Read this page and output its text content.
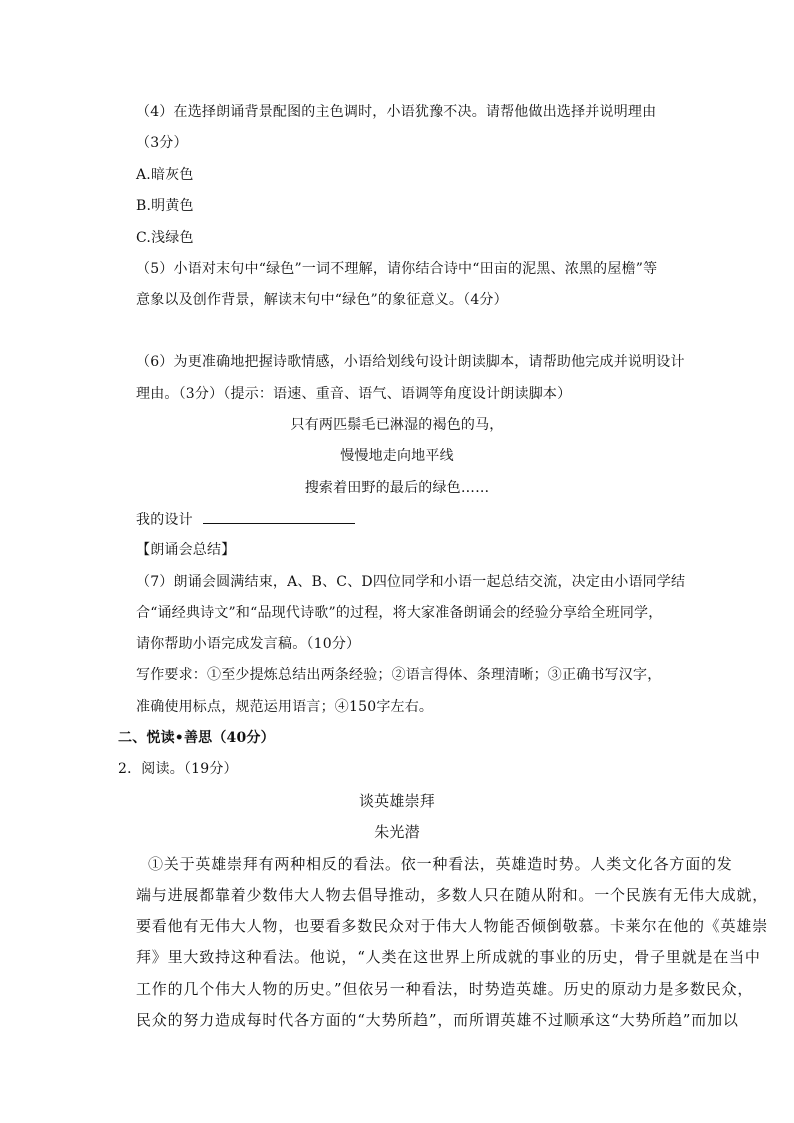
（4）在选择朗诵背景配图的主色调时，小语犹豫不决。请帮他做出选择并说明理由
（3分）
A.暗灰色
B.明黄色
C.浅绿色
（5）小语对末句中“绿色”一词不理解，请你结合诗中“田亩的泥黑、浓黑的屋檐”等
意象以及创作背景，解读末句中“绿色”的象征意义。（4分）
（6）为更准确地把握诗歌情感，小语给划线句设计朗读脚本，请帮助他完成并说明设计
理由。（3分）（提示：语速、重音、语气、语调等角度设计朗读脚本）
只有两匹鬃毛已淋湿的褐色的马，
慢慢地走向地平线
搜索着田野的最后的绿色……
我的设计
【朗诵会总结】
（7）朗诵会圆满结束，A、B、C、D四位同学和小语一起总结交流，决定由小语同学结
合“诵经典诗文”和“品现代诗歌”的过程，将大家准备朗诵会的经验分享给全班同学，
请你帮助小语完成发言稿。（10分）
写作要求：①至少提炼总结出两条经验；②语言得体、条理清晰；③正确书写汉字，
准确使用标点，规范运用语言；④150字左右。
二、悦读•善思（40分）
2．阅读。（19分）
谈英雄崇拜
朱光潜
①关于英雄崇拜有两种相反的看法。依一种看法，英雄造时势。人类文化各方面的发
端与进展都靠着少数伟大人物去倡导推动，多数人只在随从附和。一个民族有无伟大成就，
要看他有无伟大人物，也要看多数民众对于伟大人物能否倾倒敬慕。卡莱尔在他的《英雄崇
拜》里大致持这种看法。他说，“人类在这世界上所成就的事业的历史，骨子里就是在当中
工作的几个伟大人物的历史。”但依另一种看法，时势造英雄。历史的原动力是多数民众，
民众的努力造成每时代各方面的“大势所趋”，而所谓英雄不过顺承这“大势所趋”而加以
